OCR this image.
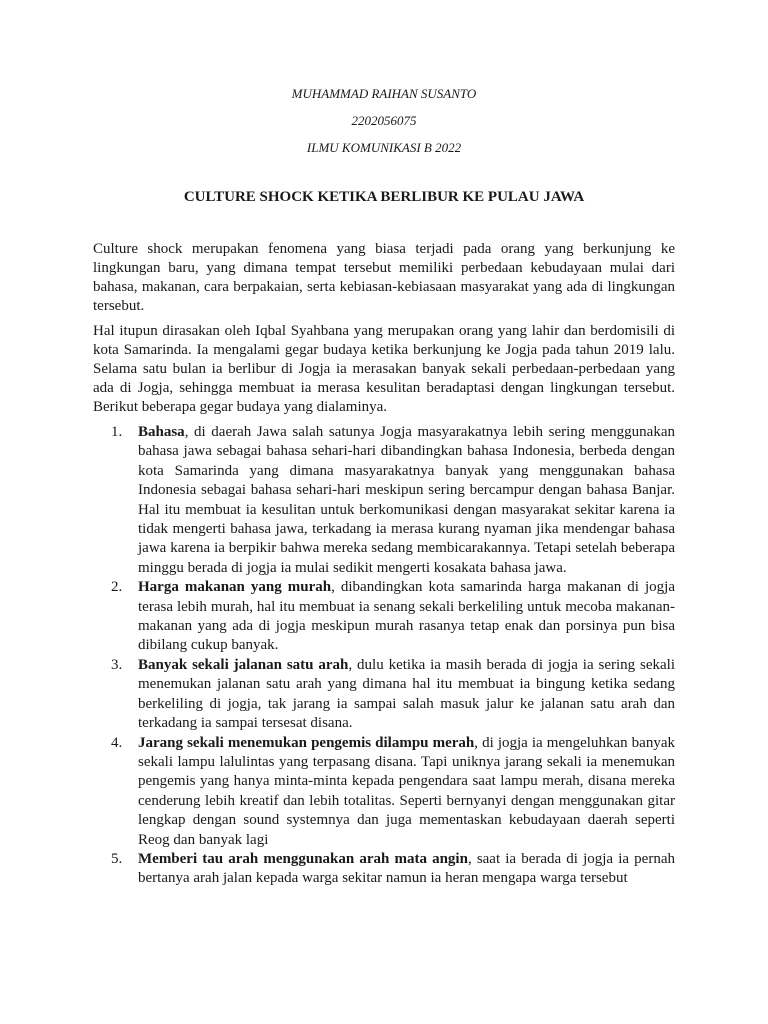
MUHAMMAD RAIHAN SUSANTO
2202056075
ILMU KOMUNIKASI B 2022
CULTURE SHOCK KETIKA BERLIBUR KE PULAU JAWA

Culture shock merupakan fenomena yang biasa terjadi pada orang yang berkunjung ke lingkungan baru, yang dimana tempat tersebut memiliki perbedaan kebudayaan mulai dari bahasa, makanan, cara berpakaian, serta kebiasan-kebiasaan masyarakat yang ada di lingkungan tersebut.

Hal itupun dirasakan oleh Iqbal Syahbana yang merupakan orang yang lahir dan berdomisili di kota Samarinda. Ia mengalami gegar budaya ketika berkunjung ke Jogja pada tahun 2019 lalu. Selama satu bulan ia berlibur di Jogja ia merasakan banyak sekali perbedaan-perbedaan yang ada di Jogja, sehingga membuat ia merasa kesulitan beradaptasi dengan lingkungan tersebut. Berikut beberapa gegar budaya yang dialaminya.

1. Bahasa, di daerah Jawa salah satunya Jogja masyarakatnya lebih sering menggunakan bahasa jawa sebagai bahasa sehari-hari dibandingkan bahasa Indonesia, berbeda dengan kota Samarinda yang dimana masyarakatnya banyak yang menggunakan bahasa Indonesia sebagai bahasa sehari-hari meskipun sering bercampur dengan bahasa Banjar. Hal itu membuat ia kesulitan untuk berkomunikasi dengan masyarakat sekitar karena ia tidak mengerti bahasa jawa, terkadang ia merasa kurang nyaman jika mendengar bahasa jawa karena ia berpikir bahwa mereka sedang membicarakannya. Tetapi setelah beberapa minggu berada di jogja ia mulai sedikit mengerti kosakata bahasa jawa.
2. Harga makanan yang murah, dibandingkan kota samarinda harga makanan di jogja terasa lebih murah, hal itu membuat ia senang sekali berkeliling untuk mecoba makanan-makanan yang ada di jogja meskipun murah rasanya tetap enak dan porsinya pun bisa dibilang cukup banyak.
3. Banyak sekali jalanan satu arah, dulu ketika ia masih berada di jogja ia sering sekali menemukan jalanan satu arah yang dimana hal itu membuat ia bingung ketika sedang berkeliling di jogja, tak jarang ia sampai salah masuk jalur ke jalanan satu arah dan terkadang ia sampai tersesat disana.
4. Jarang sekali menemukan pengemis dilampu merah, di jogja ia mengeluhkan banyak sekali lampu lalulintas yang terpasang disana. Tapi uniknya jarang sekali ia menemukan pengemis yang hanya minta-minta kepada pengendara saat lampu merah, disana mereka cenderung lebih kreatif dan lebih totalitas. Seperti bernyanyi dengan menggunakan gitar lengkap dengan sound systemnya dan juga mementaskan kebudayaan daerah seperti Reog dan banyak lagi
5. Memberi tau arah menggunakan arah mata angin, saat ia berada di jogja ia pernah bertanya arah jalan kepada warga sekitar namun ia heran mengapa warga tersebut
